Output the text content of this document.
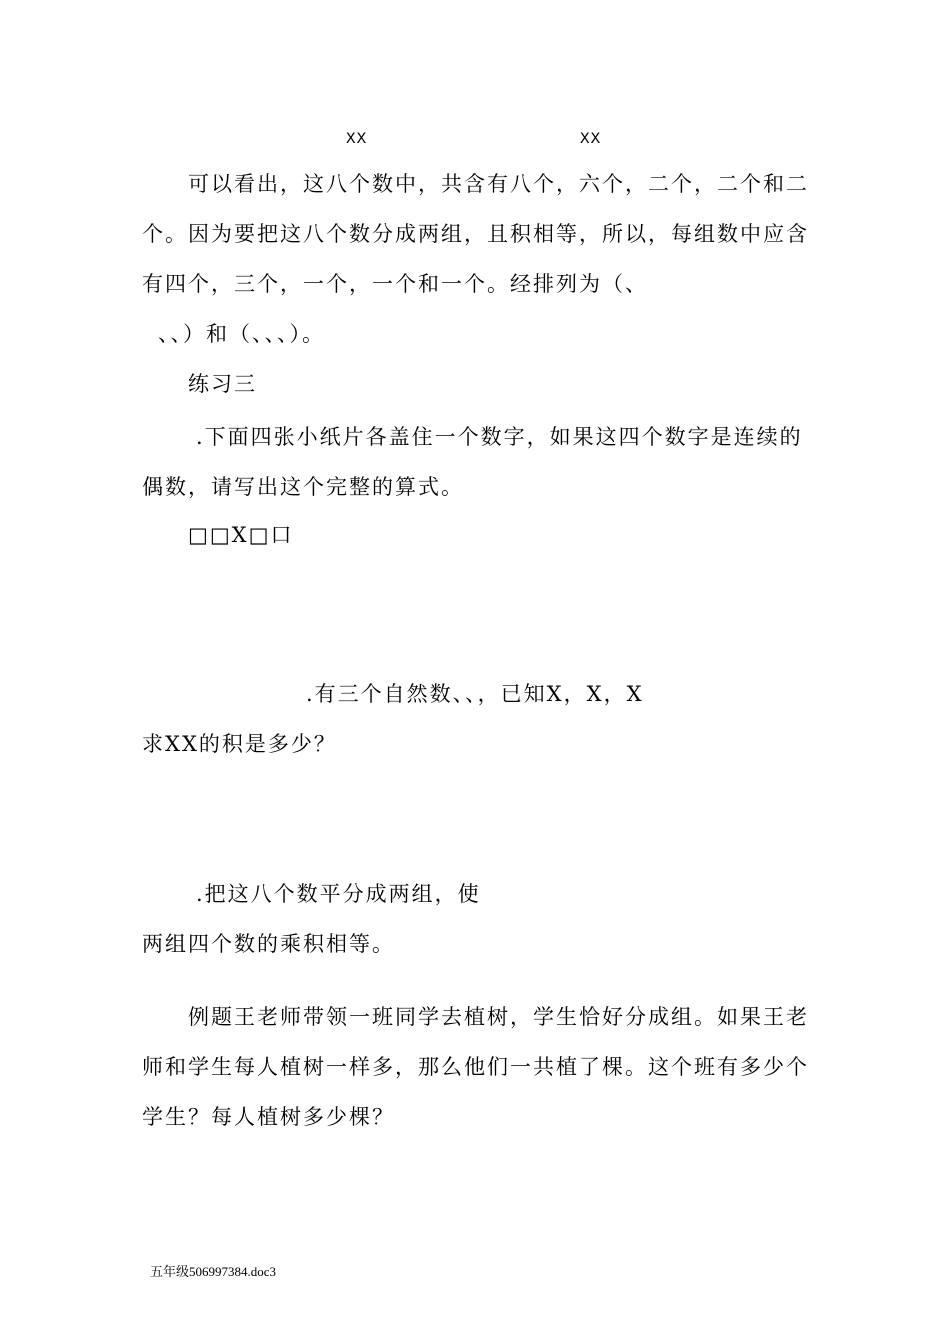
XX	XX
可以看出，这八个数中，共含有八个，六个，二个，二个和二
个。因为要把这八个数分成两组，且积相等，所以，每组数中应含
有四个，三个，一个，一个和一个。经排列为（、
、、）和（、、、）。
练习三
.下面四张小纸片各盖住一个数字，如果这四个数字是连续的
偶数，请写出这个完整的算式。
□□X□口
.有三个自然数、、，已知X，X，X
求XX的积是多少？
.把这八个数平分成两组，使
两组四个数的乘积相等。
例题王老师带领一班同学去植树，学生恰好分成组。如果王老
师和学生每人植树一样多，那么他们一共植了棵。这个班有多少个
学生？每人植树多少棵？
五年级506997384.doc3
